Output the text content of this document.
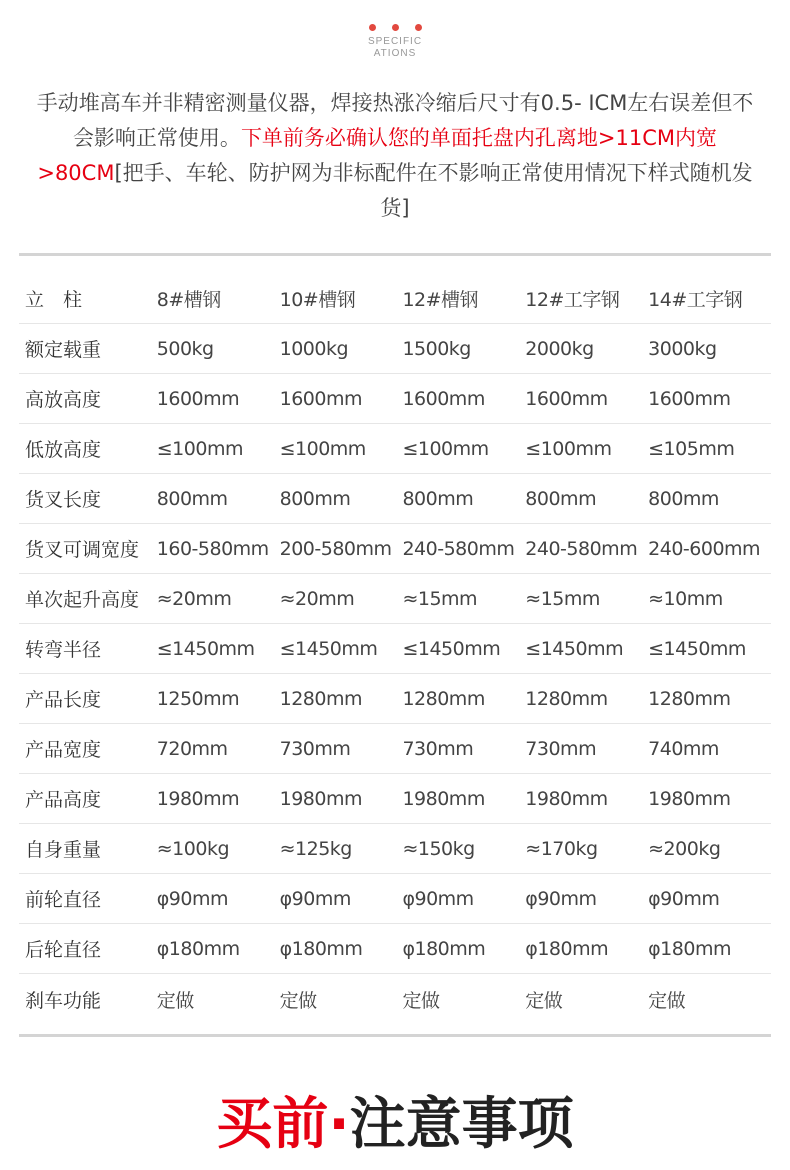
SPECIFIC
ATIONS
手动堆高车并非精密测量仪器，焊接热涨冷缩后尺寸有0.5- ICM左右误差但不会影响正常使用。下单前务必确认您的单面托盘内孔离地>11CM内宽>80CM[把手、车轮、防护网为非标配件在不影响正常使用情况下样式随机发货]
立　柱	8#槽钢	10#槽钢	12#槽钢	12#工字钢	14#工字钢
额定载重	500kg	1000kg	1500kg	2000kg	3000kg
高放高度	1600mm	1600mm	1600mm	1600mm	1600mm
低放高度	≤100mm	≤100mm	≤100mm	≤100mm	≤105mm
货叉长度	800mm	800mm	800mm	800mm	800mm
货叉可调宽度 160-580mm 200-580mm 240-580mm 240-580mm 240-600mm
单次起升高度 ≈20mm	≈20mm	≈15mm	≈15mm	≈10mm
转弯半径	≤1450mm	≤1450mm	≤1450mm	≤1450mm	≤1450mm
产品长度	1250mm	1280mm	1280mm	1280mm	1280mm
产品宽度	720mm	730mm	730mm	730mm	740mm
产品高度	1980mm	1980mm	1980mm	1980mm	1980mm
自身重量	≈100kg	≈125kg	≈150kg	≈170kg	≈200kg
前轮直径	φ90mm	φ90mm	φ90mm	φ90mm	φ90mm
后轮直径	φ180mm	φ180mm	φ180mm	φ180mm	φ180mm
刹车功能	定做	定做	定做	定做	定做
买前·注意事项
